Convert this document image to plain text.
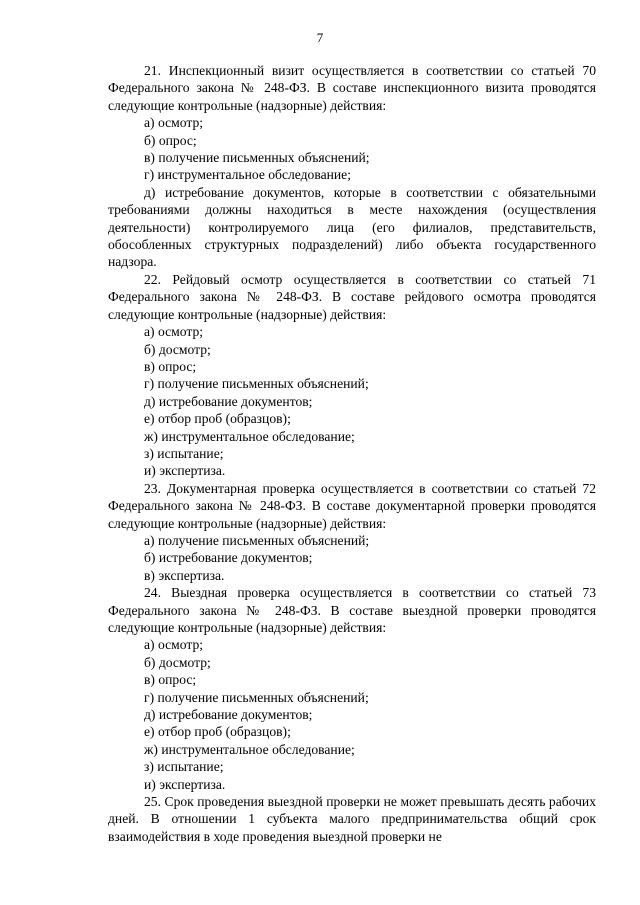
7

21. Инспекционный визит осуществляется в соответствии со статьей 70 Федерального закона № 248-ФЗ. В составе инспекционного визита проводятся следующие контрольные (надзорные) действия:

а) осмотр;

б) опрос;

в) получение письменных объяснений;

г) инструментальное обследование;

д) истребование документов, которые в соответствии с обязательными требованиями должны находиться в месте нахождения (осуществления деятельности) контролируемого лица (его филиалов, представительств, обособленных структурных подразделений) либо объекта государственного надзора.

22. Рейдовый осмотр осуществляется в соответствии со статьей 71 Федерального закона № 248-ФЗ. В составе рейдового осмотра проводятся следующие контрольные (надзорные) действия:

а) осмотр;

б) досмотр;

в) опрос;

г) получение письменных объяснений;

д) истребование документов;

е) отбор проб (образцов);

ж) инструментальное обследование;

з) испытание;

и) экспертиза.

23. Документарная проверка осуществляется в соответствии со статьей 72 Федерального закона № 248-ФЗ. В составе документарной проверки проводятся следующие контрольные (надзорные) действия:

а) получение письменных объяснений;

б) истребование документов;

в) экспертиза.

24. Выездная проверка осуществляется в соответствии со статьей 73 Федерального закона № 248-ФЗ. В составе выездной проверки проводятся следующие контрольные (надзорные) действия:

а) осмотр;

б) досмотр;

в) опрос;

г) получение письменных объяснений;

д) истребование документов;

е) отбор проб (образцов);

ж) инструментальное обследование;

з) испытание;

и) экспертиза.

25. Срок проведения выездной проверки не может превышать десять рабочих дней. В отношении 1 субъекта малого предпринимательства общий срок взаимодействия в ходе проведения выездной проверки не
